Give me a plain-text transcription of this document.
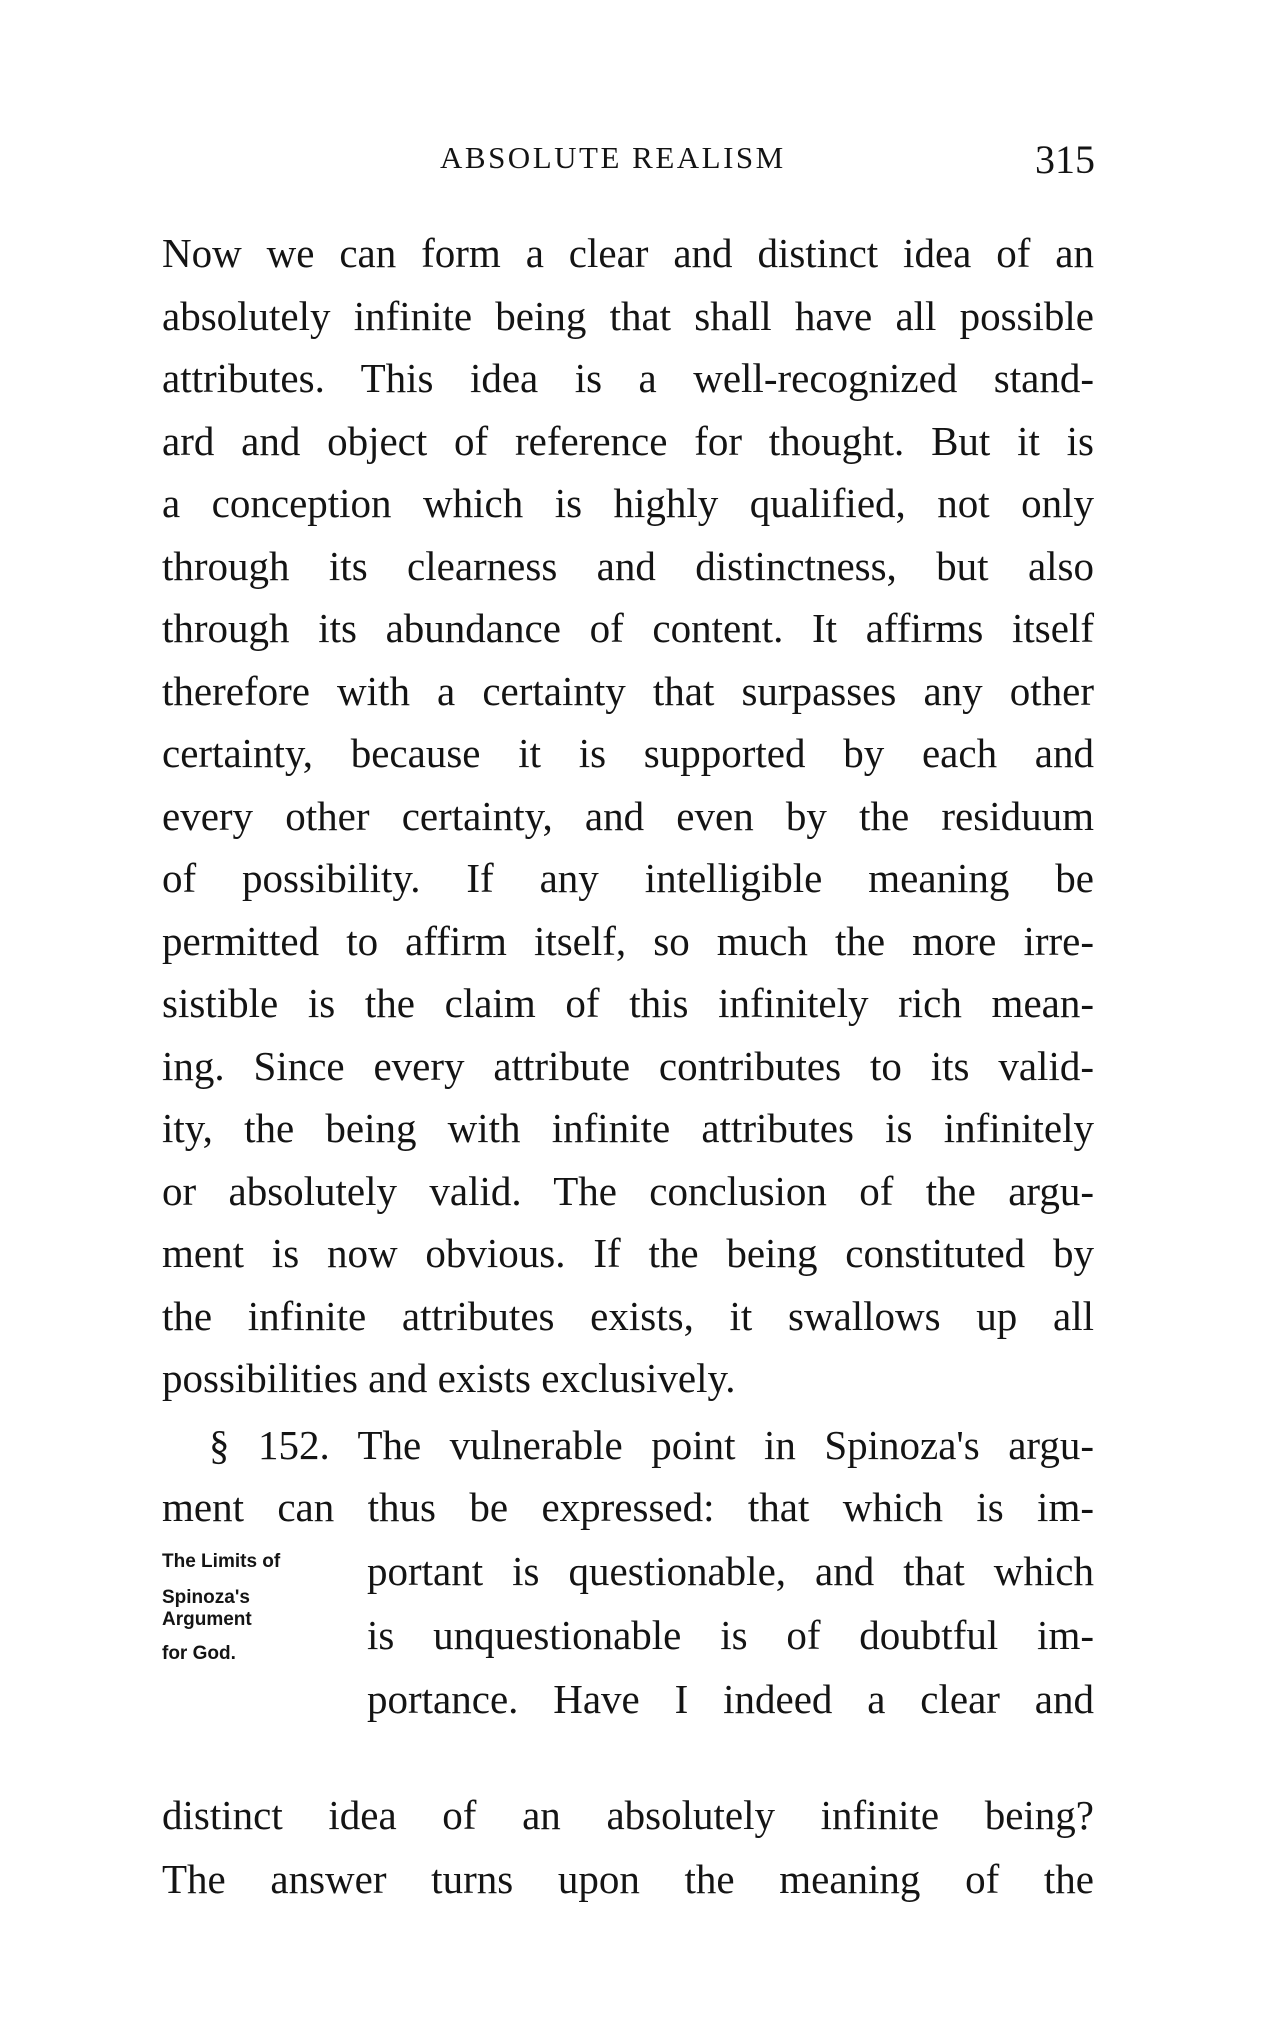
ABSOLUTE REALISM	315
Now we can form a clear and distinct idea of an
absolutely infinite being that shall have all possible
attributes. This idea is a well-recognized stand-
ard and object of reference for thought. But it is
a conception which is highly qualified, not only
through its clearness and distinctness, but also
through its abundance of content. It affirms itself
therefore with a certainty that surpasses any other
certainty, because it is supported by each and
every other certainty, and even by the residuum
of possibility. If any intelligible meaning be
permitted to affirm itself, so much the more irre-
sistible is the claim of this infinitely rich mean-
ing. Since every attribute contributes to its valid-
ity, the being with infinite attributes is infinitely
or absolutely valid. The conclusion of the argu-
ment is now obvious. If the being constituted by
the infinite attributes exists, it swallows up all
possibilities and exists exclusively.
§ 152. The vulnerable point in Spinoza's argu-
ment can thus be expressed: that which is im-
The Limits of
Spinoza's
Argument
for God.
portant is questionable, and that which
is unquestionable is of doubtful im-
portance. Have I indeed a clear and
distinct idea of an absolutely infinite being?
The answer turns upon the meaning of the
